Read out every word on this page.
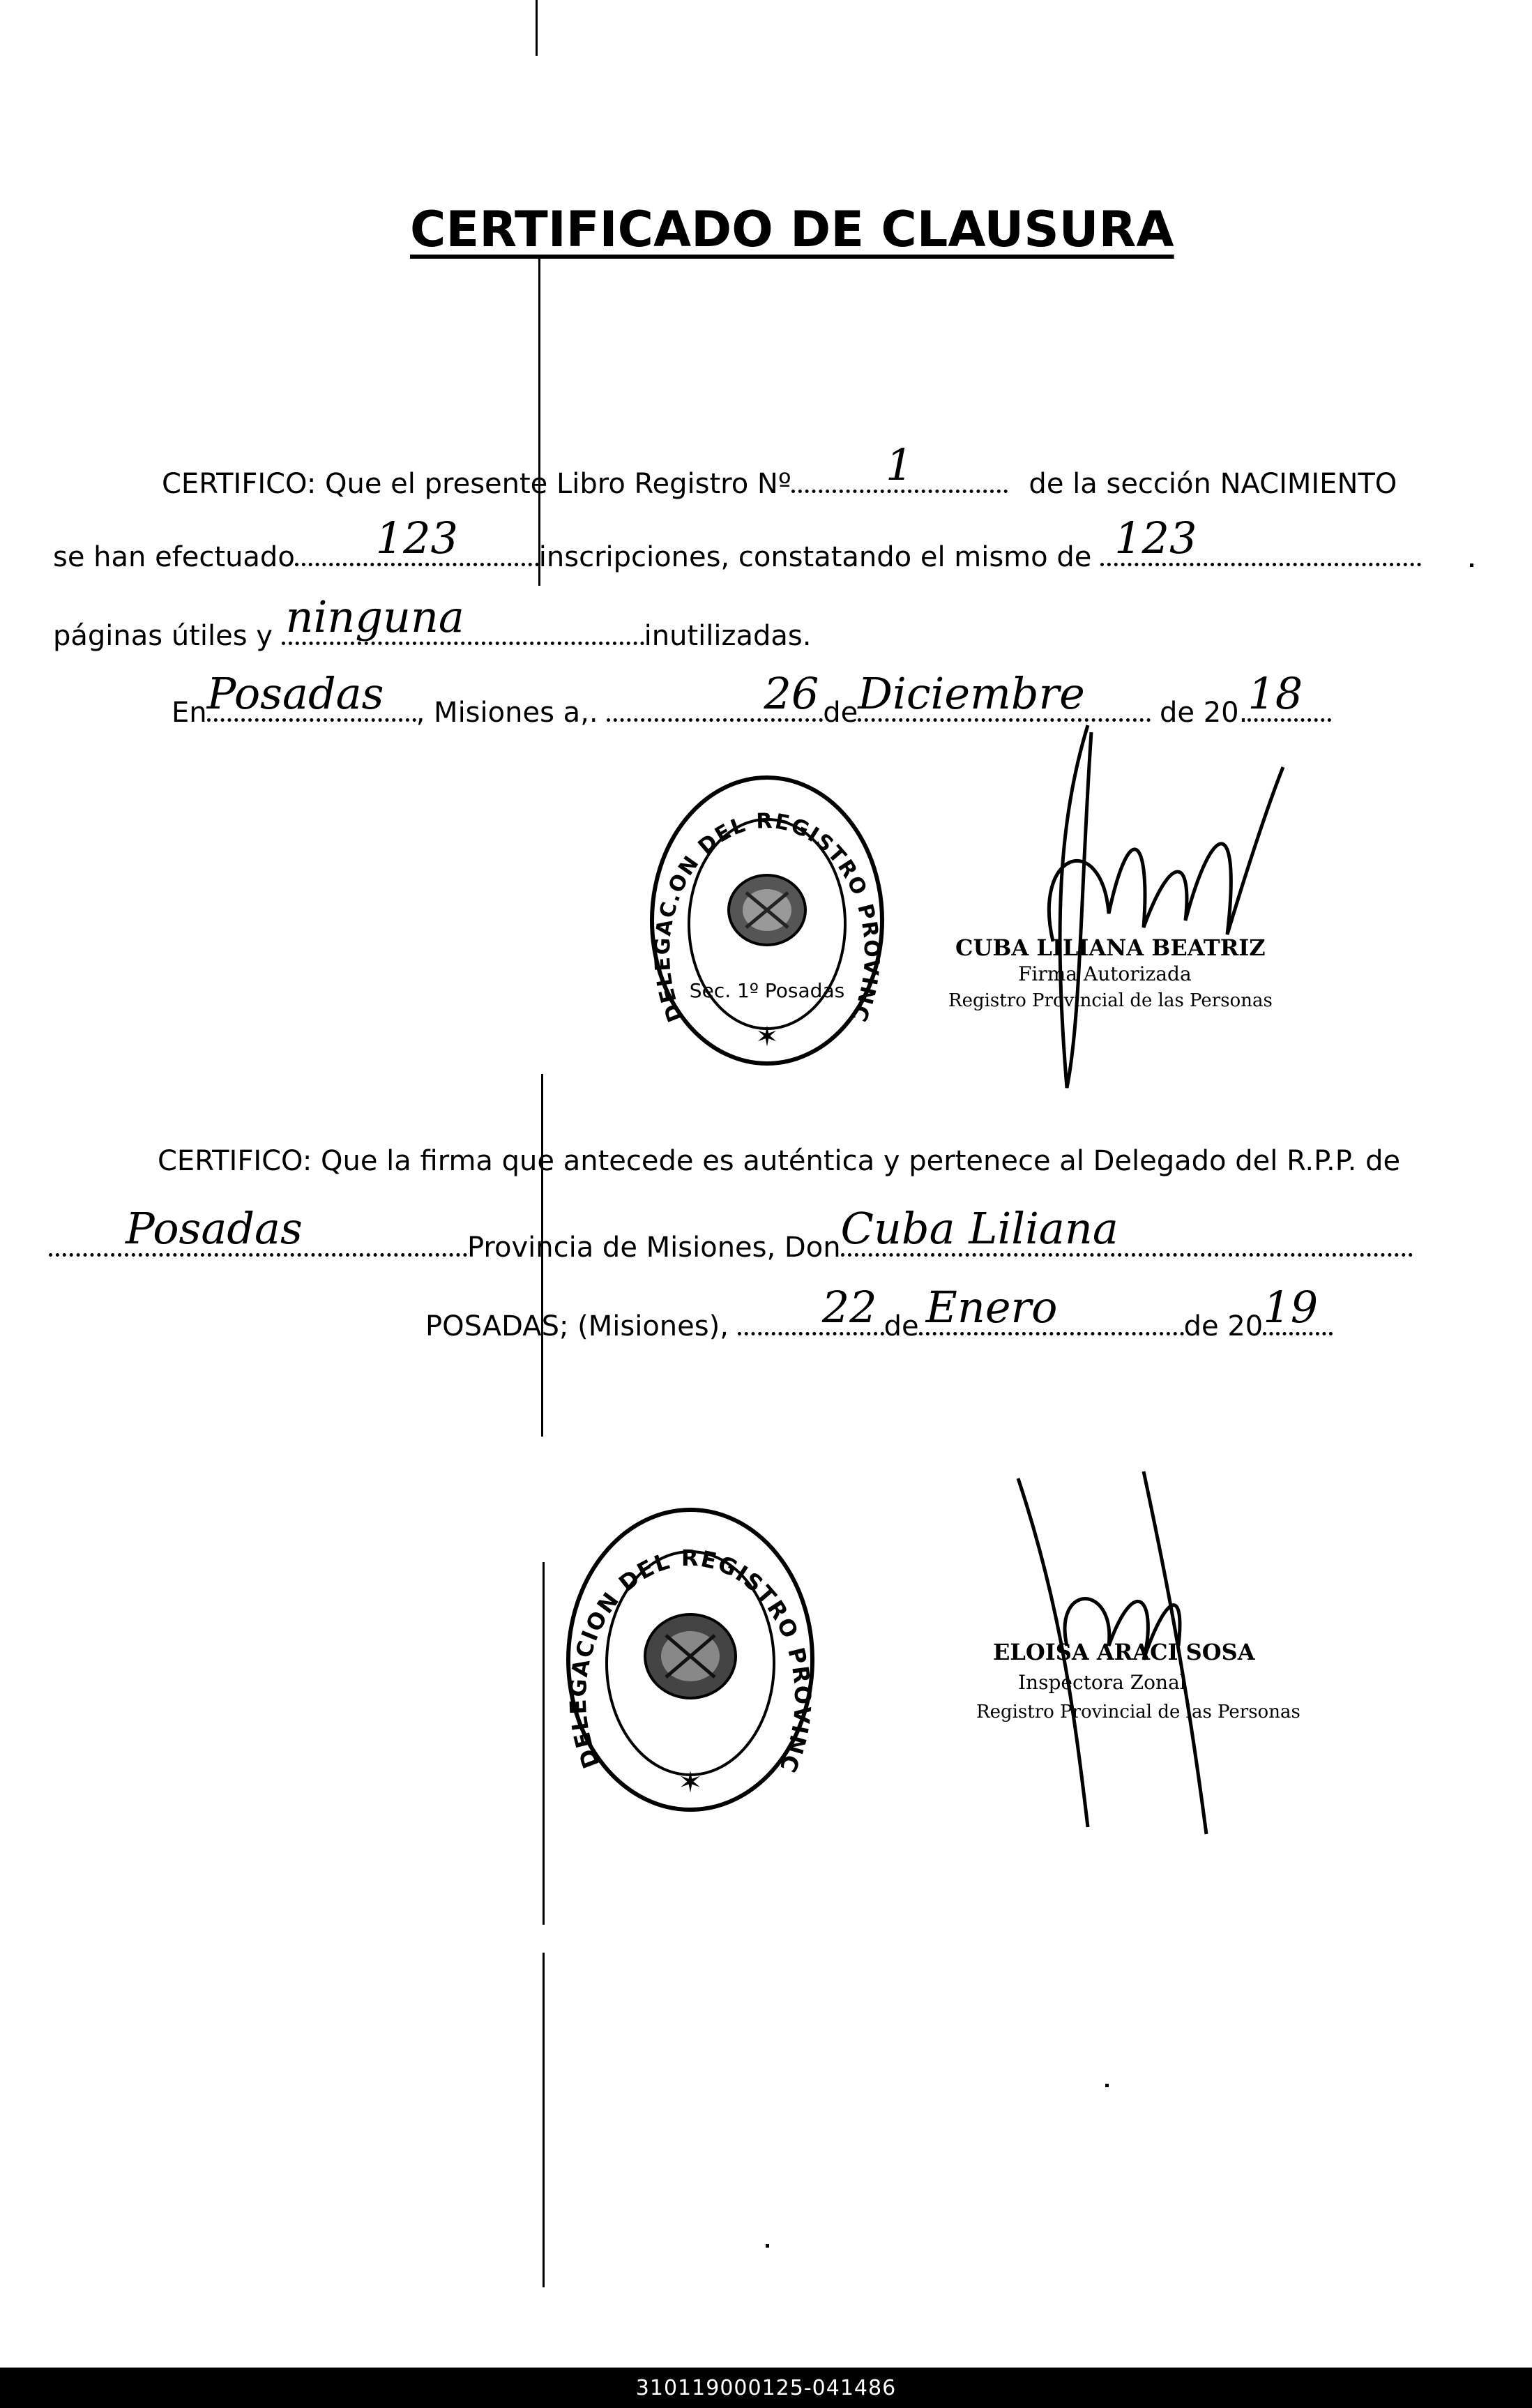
CERTIFICADO DE CLAUSURA
CERTIFICO: Que el presente Libro Registro Nº	1	de la sección NACIMIENTO
se han efectuado	123	inscripciones, constatando el mismo de 123
páginas útiles y ninguna	inutilizadas.
En Posadas	, Misiones a,.	26 de Diciembre	de 20. 18
DELEGAC.ON DEL REGISTRO PROVINC
Sec. 1º Posadas
✶
CUBA LILIANA BEATRIZ
Firma Autorizada
Registro Provincial de las Personas
CERTIFICO: Que la firma que antecede es auténtica y pertenece al Delegado del R.P.P. de
Posadas	Provincia de Misiones, Don Cuba Liliana
POSADAS; (Misiones),	22 de Enero	de 20 19
DELEGACION DEL REGISTRO PROVINC
✶
ELOISA ARACI SOSA
Inspectora Zonal
Registro Provincial de las Personas
310119000125-041486
